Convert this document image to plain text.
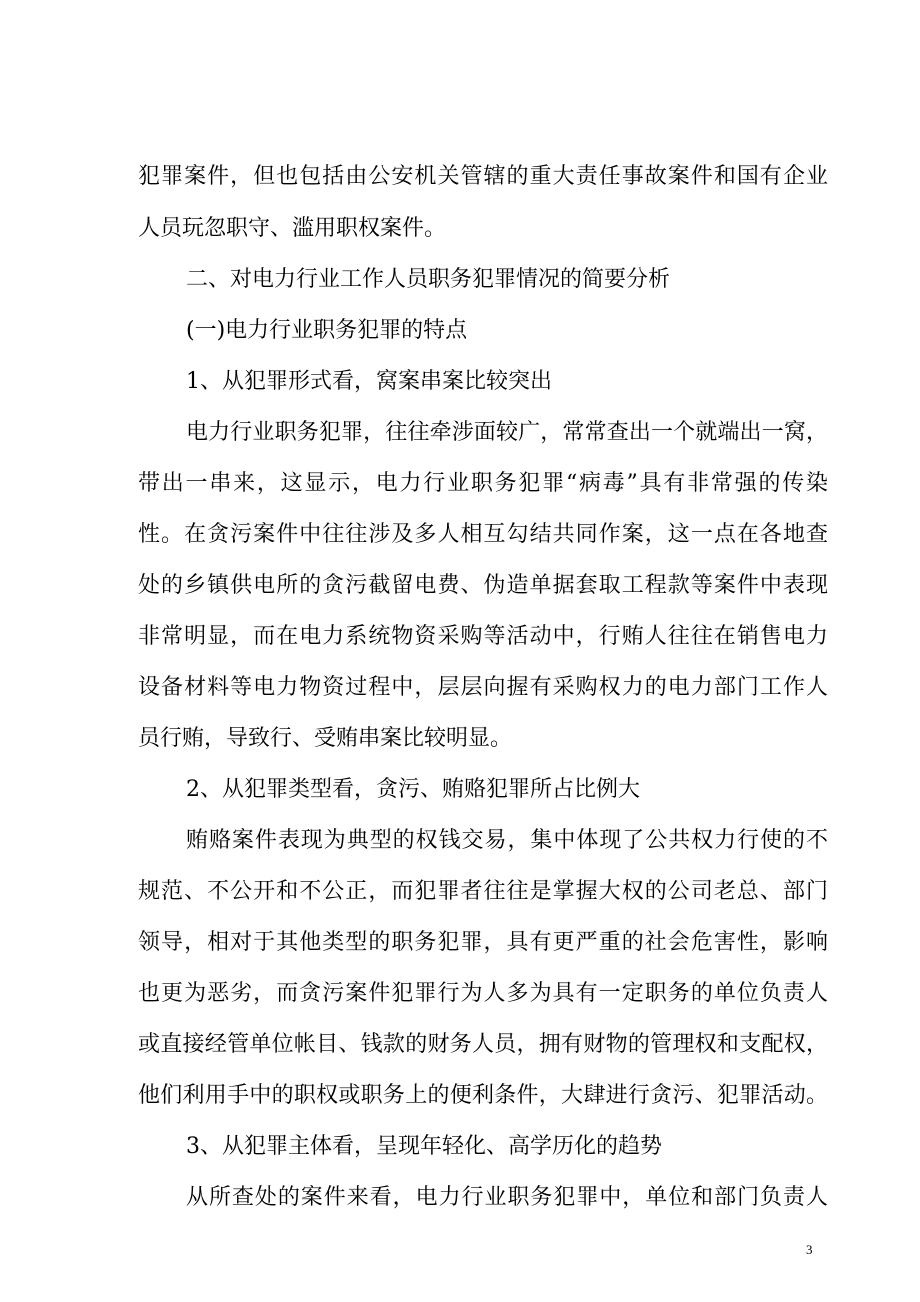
犯罪案件，但也包括由公安机关管辖的重大责任事故案件和国有企业
人员玩忽职守、滥用职权案件。
二、对电力行业工作人员职务犯罪情况的简要分析
(一)电力行业职务犯罪的特点
1、从犯罪形式看，窝案串案比较突出
电力行业职务犯罪，往往牵涉面较广，常常查出一个就端出一窝，
带出一串来，这显示，电力行业职务犯罪“病毒”具有非常强的传染
性。在贪污案件中往往涉及多人相互勾结共同作案，这一点在各地查
处的乡镇供电所的贪污截留电费、伪造单据套取工程款等案件中表现
非常明显，而在电力系统物资采购等活动中，行贿人往往在销售电力
设备材料等电力物资过程中，层层向握有采购权力的电力部门工作人
员行贿，导致行、受贿串案比较明显。
2、从犯罪类型看，贪污、贿赂犯罪所占比例大
贿赂案件表现为典型的权钱交易，集中体现了公共权力行使的不
规范、不公开和不公正，而犯罪者往往是掌握大权的公司老总、部门
领导，相对于其他类型的职务犯罪，具有更严重的社会危害性，影响
也更为恶劣，而贪污案件犯罪行为人多为具有一定职务的单位负责人
或直接经管单位帐目、钱款的财务人员，拥有财物的管理权和支配权，
他们利用手中的职权或职务上的便利条件，大肆进行贪污、犯罪活动。
3、从犯罪主体看，呈现年轻化、高学历化的趋势
从所查处的案件来看，电力行业职务犯罪中，单位和部门负责人
3
